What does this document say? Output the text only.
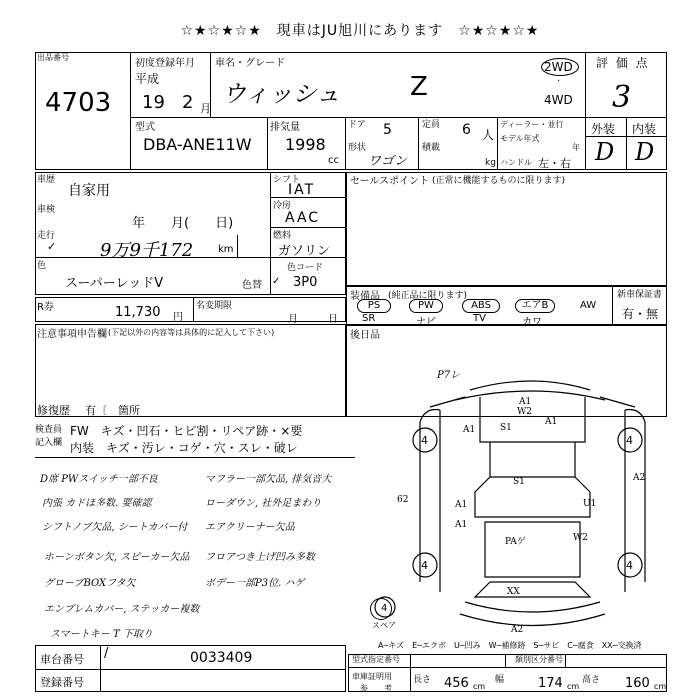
☆★☆★☆★　現車はJU旭川にあります　☆★☆★☆★
出品番号
4703
初度登録年月
平成
19 2 月
車名・グレード
ウィッシュ	Z
2WD
·
4WD
型式
DBA-ANE11W
排気量
1998
cc
ドア 5
形状
ワゴン
定員 6 人
積載
kg
ディーラー・並行
モデル年式
年
ハンドル 左・右
評 価 点
3
外装 内装
D D
車歴
自家用
車検
年　　月(　　日)
走行
✓ 9万9千172 km
シフト
IAT
冷房
AAC
燃料
ガソリン
色
スーパーレッドV	色替 ✓
色コード
3P0
セールスポイント (正常に機能するものに限ります)
R券	11,730 円
名変期限
月	日
装備品 (純正品に限ります)
PS
SR
PW
ナビ
ABS
TV
エアB
カワ
AW
新車保証書
有・無
注意事項申告欄 (下記以外の内容等は具体的に記入して下さい)
修復歴 有〔　箇所
後日品
検査員記入欄
FW　キズ・凹石・ヒビ割・リペア跡・×要
内装　キズ・汚レ・コゲ・穴・スレ・破レ
D席 PWスイッチ一部不良
内張 カドほ多数. 要確認
シフトノブ欠品, シートカバー付
ホーンボタン欠, スピーカー欠品
グローブBOXフタ欠
エンブレムカバー, ステッカー複数
スマートキー T 下取り
マフラー一部欠品, 排気音大
ローダウン, 社外足まわり
エアクリーナー欠品
フロアつき上げ凹み多数
ボデー一部P3位. ハゲ
P7レ
A1
A1
W2
S1
A1
S1	A2
62	A1
A1
U1
PAゲ	W2
XX
A2
4	4
4	4
4
スペア
A─キズ　E─エクボ　U─凹み　W─補修跡　S─サビ　C─腐食　XX─交換済
車台番号 /	0033409
登録番号
型式指定番号	類別区分番号
車庫証明用
参　　考
長さ 456 cm
幅	174 cm
高さ 160 cm
